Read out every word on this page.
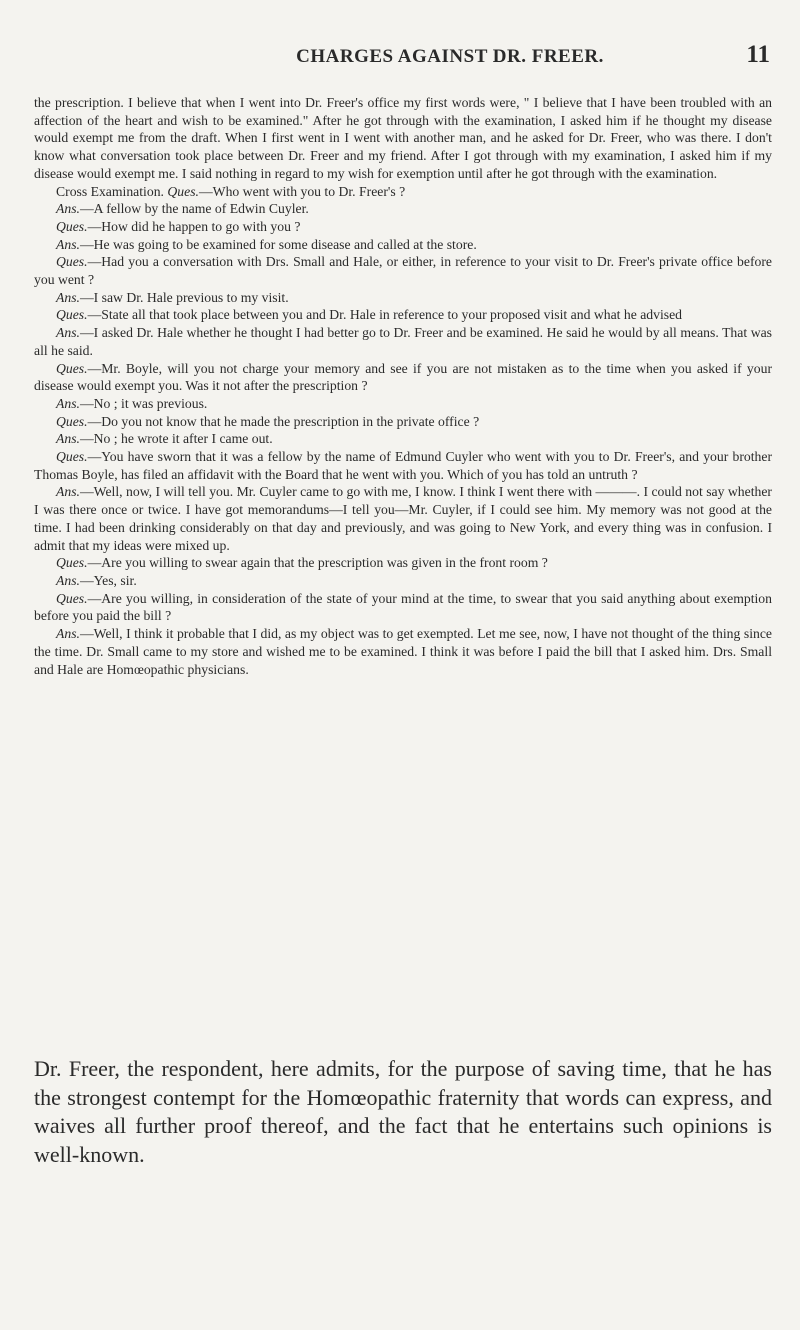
CHARGES AGAINST DR. FREER.	11

the prescription. I believe that when I went into Dr. Freer's office my first words were, " I believe that I have been troubled with an affection of the heart and wish to be examined." After he got through with the examination, I asked him if he thought my disease would exempt me from the draft. When I first went in I went with another man, and he asked for Dr. Freer, who was there. I don't know what conversation took place between Dr. Freer and my friend. After I got through with my examination, I asked him if my disease would exempt me. I said nothing in regard to my wish for exemption until after he got through with the examination.

Cross Examination. Ques.—Who went with you to Dr. Freer's ?

Ans.—A fellow by the name of Edwin Cuyler.

Ques.—How did he happen to go with you ?

Ans.—He was going to be examined for some disease and called at the store.

Ques.—Had you a conversation with Drs. Small and Hale, or either, in reference to your visit to Dr. Freer's private office before you went ?

Ans.—I saw Dr. Hale previous to my visit.

Ques.—State all that took place between you and Dr. Hale in reference to your proposed visit and what he advised

Ans.—I asked Dr. Hale whether he thought I had better go to Dr. Freer and be examined. He said he would by all means. That was all he said.

Ques.—Mr. Boyle, will you not charge your memory and see if you are not mistaken as to the time when you asked if your disease would exempt you. Was it not after the prescription ?

Ans.—No ; it was previous.

Ques.—Do you not know that he made the prescription in the private office ?

Ans.—No ; he wrote it after I came out.

Ques.—You have sworn that it was a fellow by the name of Edmund Cuyler who went with you to Dr. Freer's, and your brother Thomas Boyle, has filed an affidavit with the Board that he went with you. Which of you has told an untruth ?

Ans.—Well, now, I will tell you. Mr. Cuyler came to go with me, I know. I think I went there with ———. I could not say whether I was there once or twice. I have got memorandums—I tell you—Mr. Cuyler, if I could see him. My memory was not good at the time. I had been drinking considerably on that day and previously, and was going to New York, and every thing was in confusion. I admit that my ideas were mixed up.

Ques.—Are you willing to swear again that the prescription was given in the front room ?

Ans.—Yes, sir.

Ques.—Are you willing, in consideration of the state of your mind at the time, to swear that you said anything about exemption before you paid the bill ?

Ans.—Well, I think it probable that I did, as my object was to get exempted. Let me see, now, I have not thought of the thing since the time. Dr. Small came to my store and wished me to be examined. I think it was before I paid the bill that I asked him. Drs. Small and Hale are Homœopathic physicians.

Dr. Freer, the respondent, here admits, for the purpose of saving time, that he has the strongest contempt for the Homœopathic fraternity that words can express, and waives all further proof thereof, and the fact that he entertains such opinions is well-known.
